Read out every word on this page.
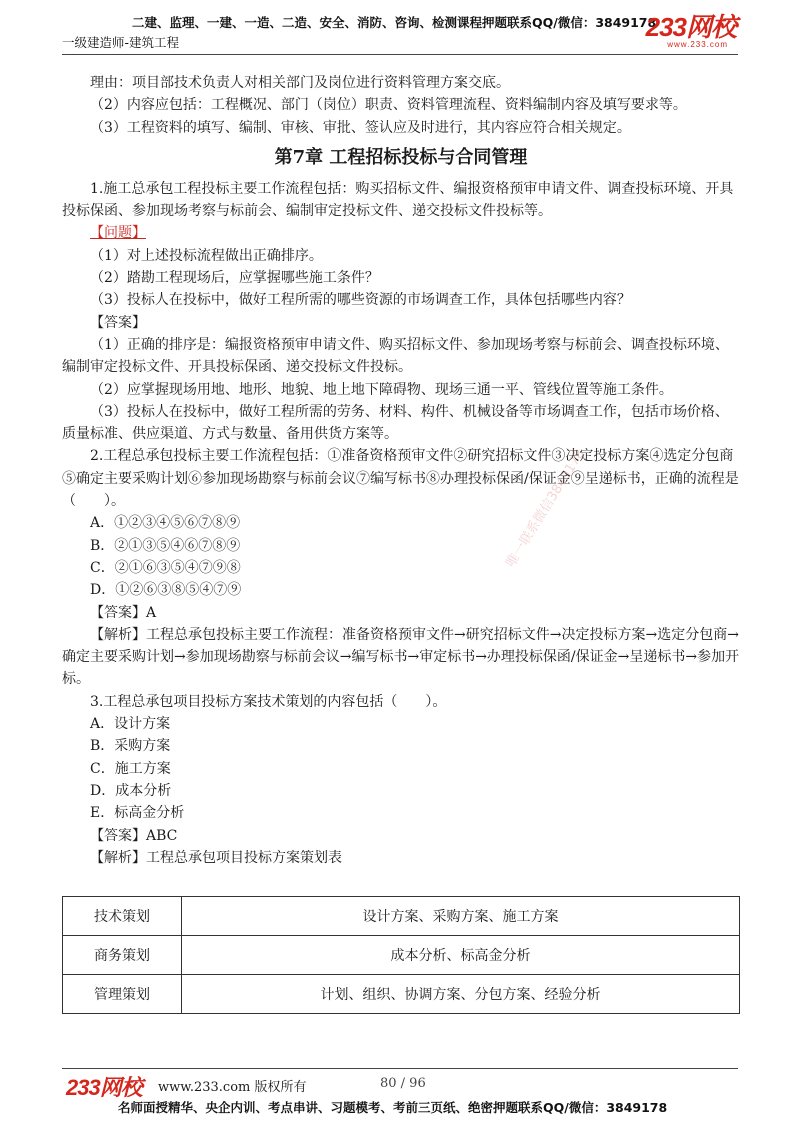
二建、监理、一建、一造、二造、安全、消防、咨询、检测课程押题联系QQ/微信：3849178
一级建造师-建筑工程
233网校
www.233.com
唯一联系微信3849178

理由：项目部技术负责人对相关部门及岗位进行资料管理方案交底。

（2）内容应包括：工程概况、部门（岗位）职责、资料管理流程、资料编制内容及填写要求等。

（3）工程资料的填写、编制、审核、审批、签认应及时进行，其内容应符合相关规定。

第7章 工程招标投标与合同管理

1.施工总承包工程投标主要工作流程包括：购买招标文件、编报资格预审申请文件、调查投标环境、开具投标保函、参加现场考察与标前会、编制审定投标文件、递交投标文件投标等。

【问题】

（1）对上述投标流程做出正确排序。

（2）踏勘工程现场后，应掌握哪些施工条件？

（3）投标人在投标中，做好工程所需的哪些资源的市场调查工作，具体包括哪些内容？

【答案】

（1）正确的排序是：编报资格预审申请文件、购买招标文件、参加现场考察与标前会、调查投标环境、编制审定投标文件、开具投标保函、递交投标文件投标。

（2）应掌握现场用地、地形、地貌、地上地下障碍物、现场三通一平、管线位置等施工条件。

（3）投标人在投标中，做好工程所需的劳务、材料、构件、机械设备等市场调查工作，包括市场价格、质量标准、供应渠道、方式与数量、备用供货方案等。

2.工程总承包投标主要工作流程包括：①准备资格预审文件②研究招标文件③决定投标方案④选定分包商⑤确定主要采购计划⑥参加现场勘察与标前会议⑦编写标书⑧办理投标保函/保证金⑨呈递标书，正确的流程是（　　）。

A．①②③④⑤⑥⑦⑧⑨

B．②①③⑤④⑥⑦⑧⑨

C．②①⑥③⑤④⑦⑨⑧

D．①②⑥③⑧⑤④⑦⑨

【答案】A

【解析】工程总承包投标主要工作流程：准备资格预审文件→研究招标文件→决定投标方案→选定分包商→确定主要采购计划→参加现场勘察与标前会议→编写标书→审定标书→办理投标保函/保证金→呈递标书→参加开标。

3.工程总承包项目投标方案技术策划的内容包括（　　）。

A．设计方案

B．采购方案

C．施工方案

D．成本分析

E．标高金分析

【答案】ABC

【解析】工程总承包项目投标方案策划表

技术策划	设计方案、采购方案、施工方案
商务策划	成本分析、标高金分析
管理策划	计划、组织、协调方案、分包方案、经验分析
233网校 www.233.com 版权所有	80 / 96
名师面授精华、央企内训、考点串讲、习题模考、考前三页纸、绝密押题联系QQ/微信：3849178
